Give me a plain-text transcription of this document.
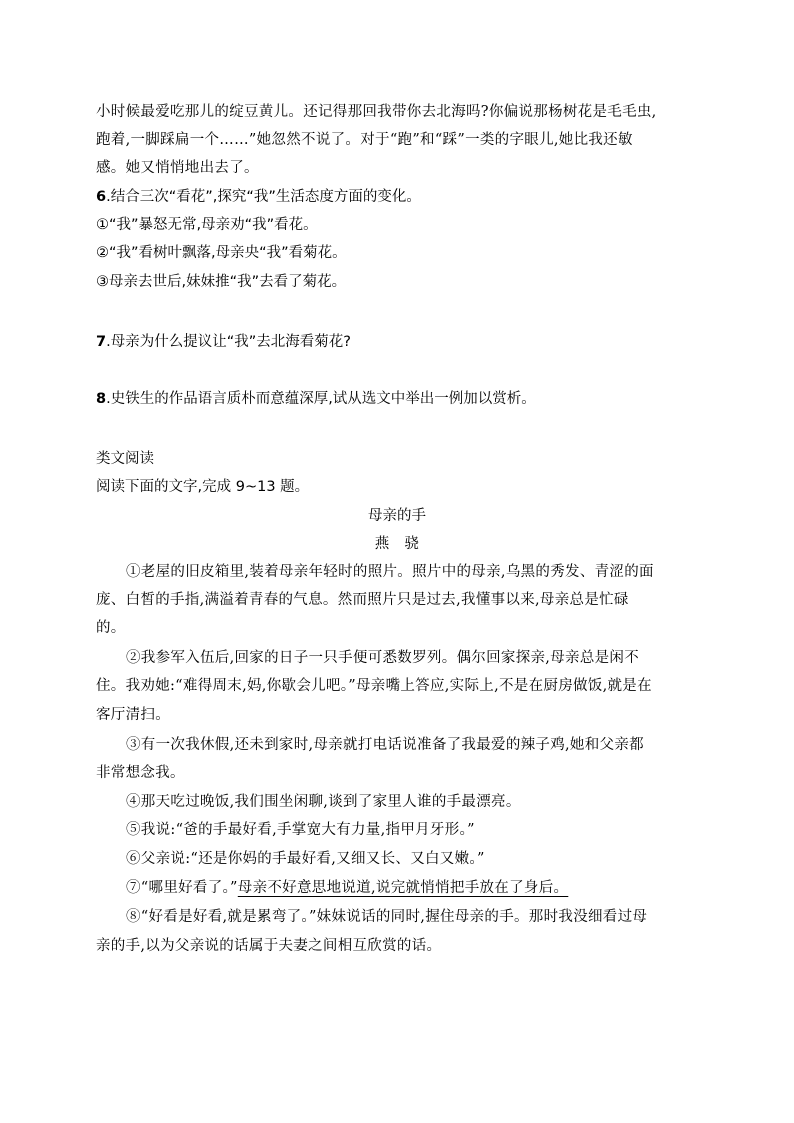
小时候最爱吃那儿的绽豆黄儿。还记得那回我带你去北海吗?你偏说那杨树花是毛毛虫,
跑着,一脚踩扁一个……”她忽然不说了。对于“跑”和“踩”一类的字眼儿,她比我还敏
感。她又悄悄地出去了。
6.结合三次“看花”,探究“我”生活态度方面的变化。
①“我”暴怒无常,母亲劝“我”看花。
②“我”看树叶飘落,母亲央“我”看菊花。
③母亲去世后,妹妹推“我”去看了菊花。
7.母亲为什么提议让“我”去北海看菊花?
8.史铁生的作品语言质朴而意蕴深厚,试从选文中举出一例加以赏析。
类文阅读
阅读下面的文字,完成 9~13 题。
母亲的手
燕　骁
①老屋的旧皮箱里,装着母亲年轻时的照片。照片中的母亲,乌黑的秀发、青涩的面
庞、白皙的手指,满溢着青春的气息。然而照片只是过去,我懂事以来,母亲总是忙碌
的。
②我参军入伍后,回家的日子一只手便可悉数罗列。偶尔回家探亲,母亲总是闲不
住。我劝她:“难得周末,妈,你歇会儿吧。”母亲嘴上答应,实际上,不是在厨房做饭,就是在
客厅清扫。
③有一次我休假,还未到家时,母亲就打电话说准备了我最爱的辣子鸡,她和父亲都
非常想念我。
④那天吃过晚饭,我们围坐闲聊,谈到了家里人谁的手最漂亮。
⑤我说:“爸的手最好看,手掌宽大有力量,指甲月牙形。”
⑥父亲说:“还是你妈的手最好看,又细又长、又白又嫩。”
⑦“哪里好看了。”母亲不好意思地说道,说完就悄悄把手放在了身后。
⑧“好看是好看,就是累弯了。”妹妹说话的同时,握住母亲的手。那时我没细看过母
亲的手,以为父亲说的话属于夫妻之间相互欣赏的话。
